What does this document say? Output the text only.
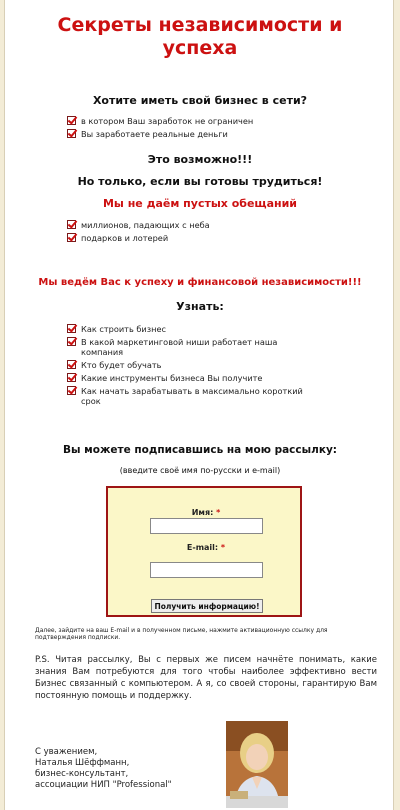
Секреты независимости и
успеха
Хотите иметь свой бизнес в сети?
в котором Ваш заработок не ограничен
Вы заработаете реальные деньги
Это возможно!!!
Но только, если вы готовы трудиться!
Мы не даём пустых обещаний
миллионов, падающих с неба
подарков и лотерей
Мы ведём Вас к успеху и финансовой независимости!!!
Узнать:
Как строить бизнес
В какой маркетинговой ниши работает наша
компания
Кто будет обучать
Какие инструменты бизнеса Вы получите
Как начать зарабатывать в максимально короткий
срок
Вы можете подписавшись на мою рассылку:
(введите своё имя по-русски и e-mail)
Имя: *
E-mail: *
Получить информацию!
Далее, зайдите на ваш E-mail и в полученном письме, нажмите активационную ссылку для подтверждения подписки.
P.S. Читая рассылку, Вы с первых же писем начнёте понимать, какие знания Вам потребуются для того чтобы наиболее эффективно вести Бизнес связанный с компьютером. А я, со своей стороны, гарантирую Вам постоянную помощь и поддержку.
С уважением,
Наталья Шёффманн,
бизнес-консультант,
ассоциации НИП "Professional"
